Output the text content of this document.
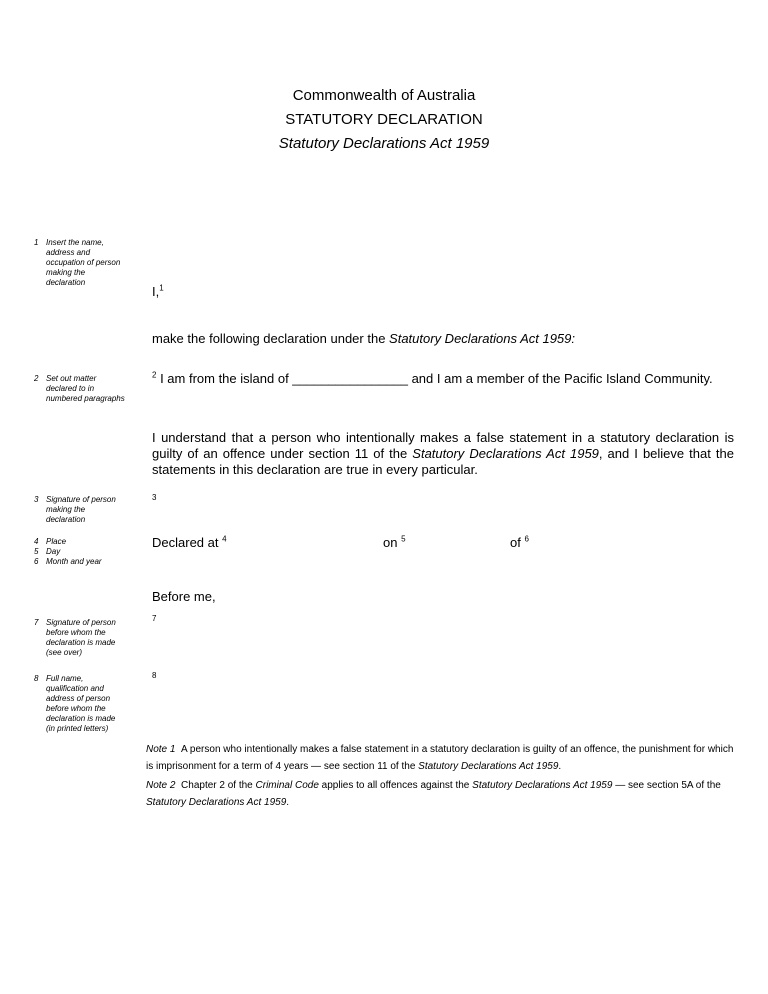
Commonwealth of Australia
STATUTORY DECLARATION
Statutory Declarations Act 1959
1 Insert the name, address and occupation of person making the declaration
2 Set out matter declared to in numbered paragraphs
3 Signature of person making the declaration
4 Place
5 Day
6 Month and year
7 Signature of person before whom the declaration is made (see over)
8 Full name, qualification and address of person before whom the declaration is made (in printed letters)
I,$^1$
make the following declaration under the Statutory Declarations Act 1959:
$^2$ I am from the island of ________________ and I am a member of the Pacific Island Community.
I understand that a person who intentionally makes a false statement in a statutory declaration is guilty of an offence under section 11 of the Statutory Declarations Act 1959, and I believe that the statements in this declaration are true in every particular.
3
Declared at $^4$	on $^5$	of $^6$
Before me,
7
8
Note 1 A person who intentionally makes a false statement in a statutory declaration is guilty of an offence, the punishment for which is imprisonment for a term of 4 years — see section 11 of the Statutory Declarations Act 1959.
Note 2 Chapter 2 of the Criminal Code applies to all offences against the Statutory Declarations Act 1959 — see section 5A of the Statutory Declarations Act 1959.
